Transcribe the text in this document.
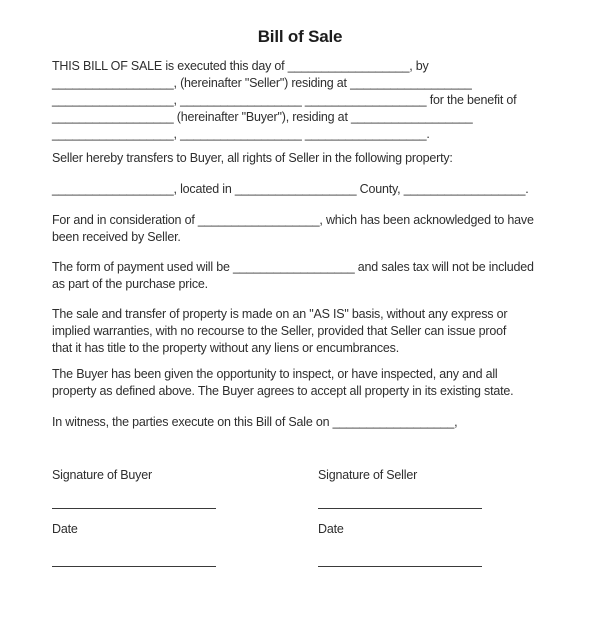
Bill of Sale
THIS BILL OF SALE is executed this day of __________________, by
__________________, (hereinafter "Seller") residing at __________________
__________________, __________________ __________________ for the benefit of
__________________ (hereinafter "Buyer"), residing at __________________
__________________, __________________ __________________.
Seller hereby transfers to Buyer, all rights of Seller in the following property:
__________________, located in __________________ County, __________________.
For and in consideration of __________________, which has been acknowledged to have
been received by Seller.
The form of payment used will be __________________ and sales tax will not be included
as part of the purchase price.
The sale and transfer of property is made on an "AS IS" basis, without any express or
implied warranties, with no recourse to the Seller, provided that Seller can issue proof
that it has title to the property without any liens or encumbrances.
The Buyer has been given the opportunity to inspect, or have inspected, any and all
property as defined above. The Buyer agrees to accept all property in its existing state.
In witness, the parties execute on this Bill of Sale on __________________,
Signature of Buyer
Date
Signature of Seller
Date
